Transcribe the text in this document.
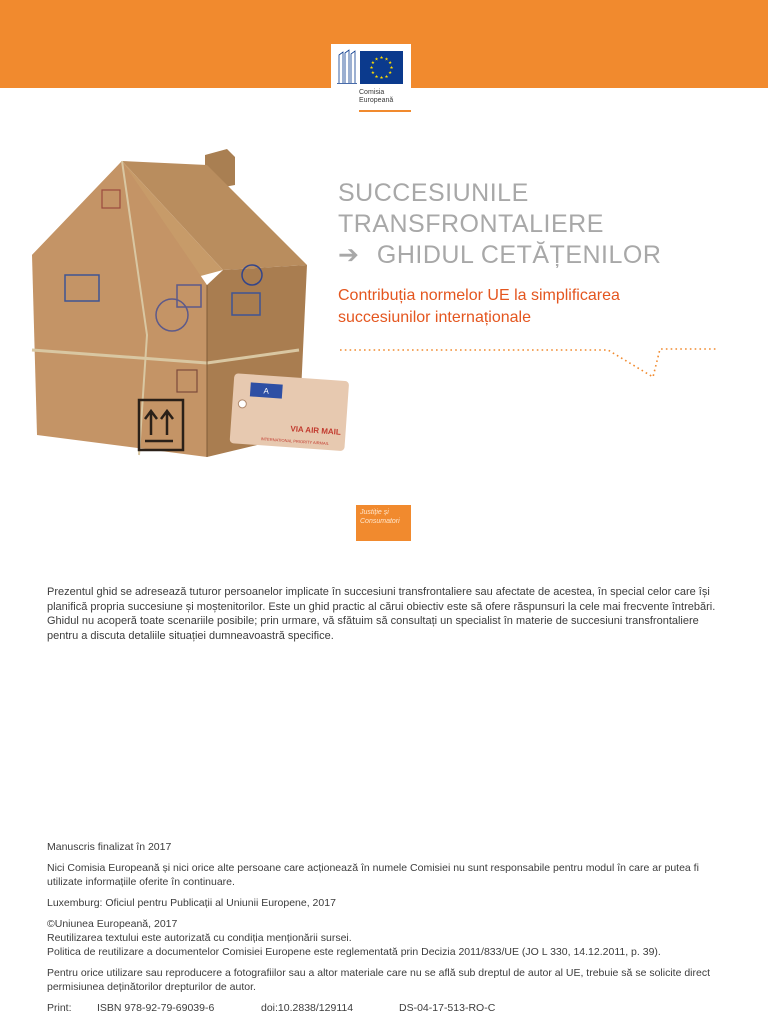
★ ★
★
★
★
★
★
★
★
★
★
★
Comisia
Europeană
A
VIA AIR MAIL
INTERNATIONAL PRIORITY AIRMAIL
SUCCESIUNILE
TRANSFRONTALIERE
➔ GHIDUL CETĂȚENILOR
Contribuția normelor UE la simplificarea
succesiunilor internaționale
Justiție și
Consumatori
Prezentul ghid se adresează tuturor persoanelor implicate în succesiuni transfrontaliere sau afectate de acestea, în special celor care își planifică propria succesiune și moștenitorilor. Este un ghid practic al cărui obiectiv este să ofere răspunsuri la cele mai frecvente întrebări. Ghidul nu acoperă toate scenariile posibile; prin urmare, vă sfătuim să consultați un specialist în materie de succesiuni transfrontaliere pentru a discuta detaliile situației dumneavoastră specifice.

Manuscris finalizat în 2017

Nici Comisia Europeană și nici orice alte persoane care acționează în numele Comisiei nu sunt responsabile pentru modul în care ar putea fi utilizate informațiile oferite în continuare.

Luxemburg: Oficiul pentru Publicații al Uniunii Europene, 2017

©Uniunea Europeană, 2017
Reutilizarea textului este autorizată cu condiția menționării sursei.
Politica de reutilizare a documentelor Comisiei Europene este reglementată prin Decizia 2011/833/UE (JO L 330, 14.12.2011, p. 39).

Pentru orice utilizare sau reproducere a fotografiilor sau a altor materiale care nu se află sub dreptul de autor al UE, trebuie să se solicite direct permisiunea deținătorilor drepturilor de autor.

Print:	ISBN 978-92-79-69039-6	doi:10.2838/129114	DS-04-17-513-RO-C
